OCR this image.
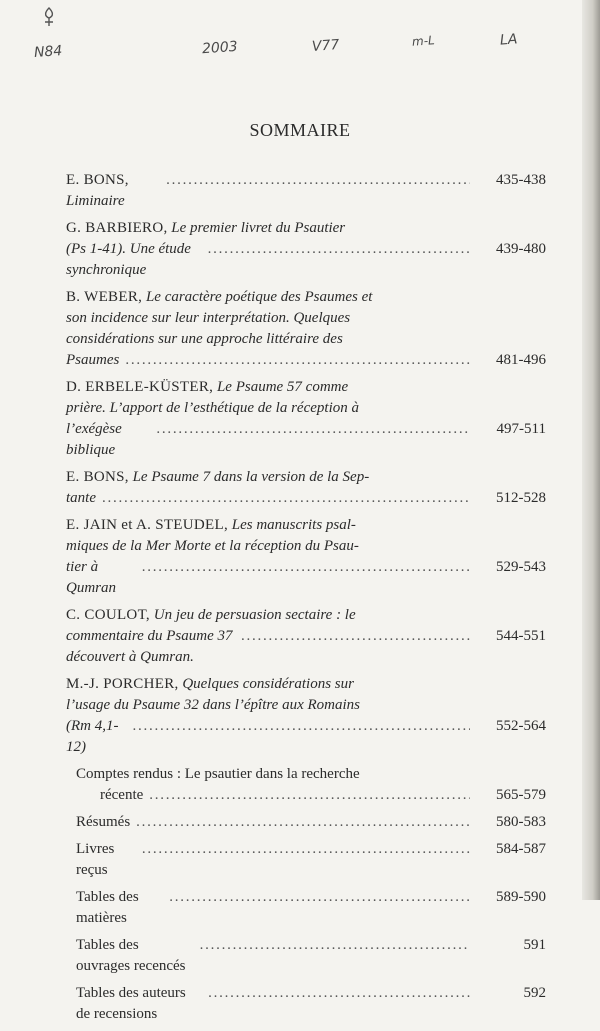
N84	2003	V77	m-L	LA
SOMMAIRE
E. BONS, Liminaire
. . .
435-438
G. BARBIERO, Le premier livret du Psautier
(Ps 1-41). Une étude synchronique
. . .
439-480
B. WEBER, Le caractère poétique des Psaumes et
son incidence sur leur interprétation. Quelques
considérations sur une approche littéraire des
Psaumes . . .	481-496
D. ERBELE-KÜSTER, Le Psaume 57 comme
prière. L’apport de l’esthétique de la réception à
l’exégèse biblique
. . .
497-511
E. BONS, Le Psaume 7 dans la version de la Sep-
tante . . .	512-528
E. JAIN et A. STEUDEL, Les manuscrits psal-
miques de la Mer Morte et la réception du Psau-
tier à Qumran
. . .
529-543
C. COULOT, Un jeu de persuasion sectaire : le
commentaire du Psaume 37 découvert à Qumran.
. . .
544-551
M.-J. PORCHER, Quelques considérations sur
l’usage du Psaume 32 dans l’épître aux Romains
(Rm 4,1-12)
. . .
552-564
Comptes rendus : Le psautier dans la recherche
récente . . .	565-579
Résumés . . .	580-583
Livres reçus
. . .
584-587
Tables des matières
. . .
589-590
Tables des ouvrages recencés
. . .
591
Tables des auteurs de recensions
. . .
592
